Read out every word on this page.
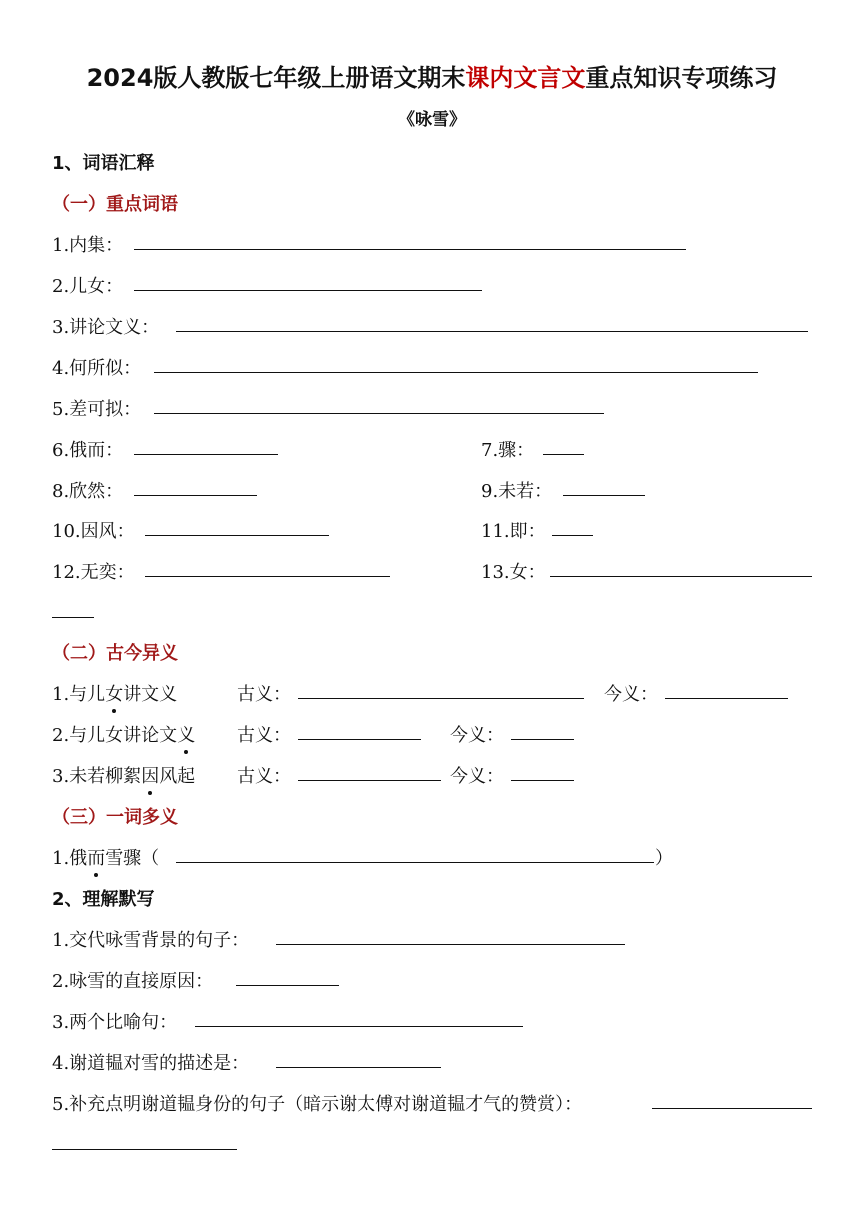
2024版人教版七年级上册语文期末课内文言文重点知识专项练习
《咏雪》
1、词语汇释
（一）重点词语
1.内集：
2.儿女：
3.讲论文义：
4.何所似：
5.差可拟：
6.俄而：	7.骤：
8.欣然：	9.未若：
10.因风：	11.即：
12.无奕：	13.女：
（二）古今异义
1.与儿女讲文义	古义：	今义：
2.与儿女讲论文义 古义：	今义：
3.未若柳絮因风起 古义：	今义：
（三）一词多义
1.俄而雪骤（	）
2、理解默写
1.交代咏雪背景的句子：
2.咏雪的直接原因：
3.两个比喻句：
4.谢道韫对雪的描述是：
5.补充点明谢道韫身份的句子（暗示谢太傅对谢道韫才气的赞赏）：
